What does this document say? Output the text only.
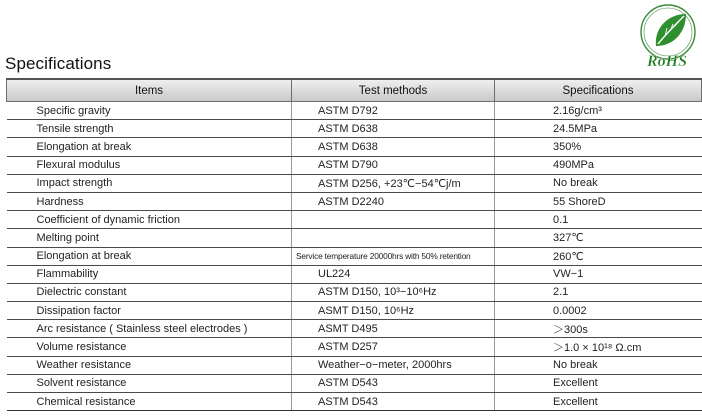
Specifications	RoHS
Items	Test methods	Specifications
Specific gravity	ASTM D792	2.16g/cm³
Tensile strength	ASTM D638	24.5MPa
Elongation at break	ASTM D638	350%
Flexural modulus	ASTM D790	490MPa
Impact strength	ASTM D256, +23℃−54℃j/m	No break
Hardness	ASTM D2240	55 ShoreD
Coefficient of dynamic friction		0.1
Melting point		327℃
Elongation at break	Service temperature 20000hrs with 50% retention	260℃
Flammability	UL224	VW−1
Dielectric constant	ASTM D150, 10³−10⁶Hz	2.1
Dissipation factor	ASMT D150, 10⁶Hz	0.0002
Arc resistance ( Stainless steel electrodes )	ASMT D495	＞300s
Volume resistance	ASTM D257	＞1.0 × 10¹⁸ Ω.cm
Weather resistance	Weather−o−meter, 2000hrs	No break
Solvent resistance	ASTM D543	Excellent
Chemical resistance	ASTM D543	Excellent
